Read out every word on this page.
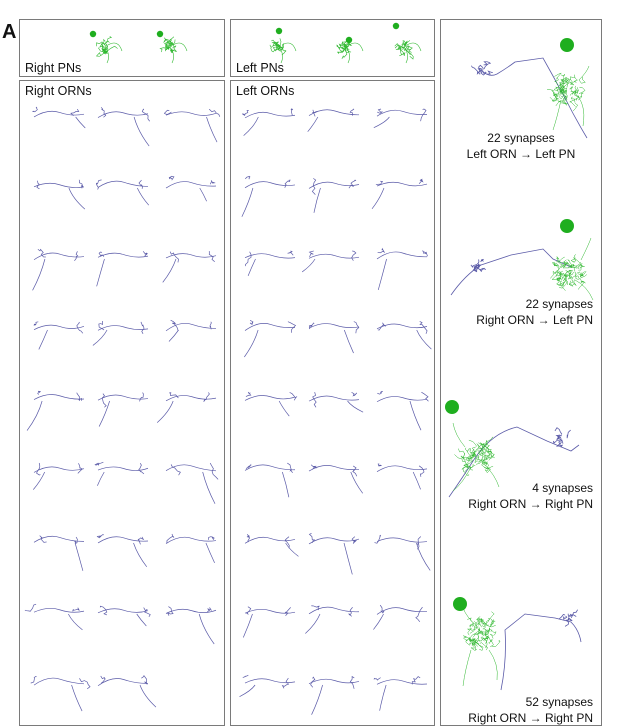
A
Right PNs	Left PNs
Right ORNs	Left ORNs
22 synapses
Left ORN → Left PN
22 synapses
Right ORN → Left PN
4 synapses
Right ORN → Right PN
52 synapses
Right ORN → Right PN
